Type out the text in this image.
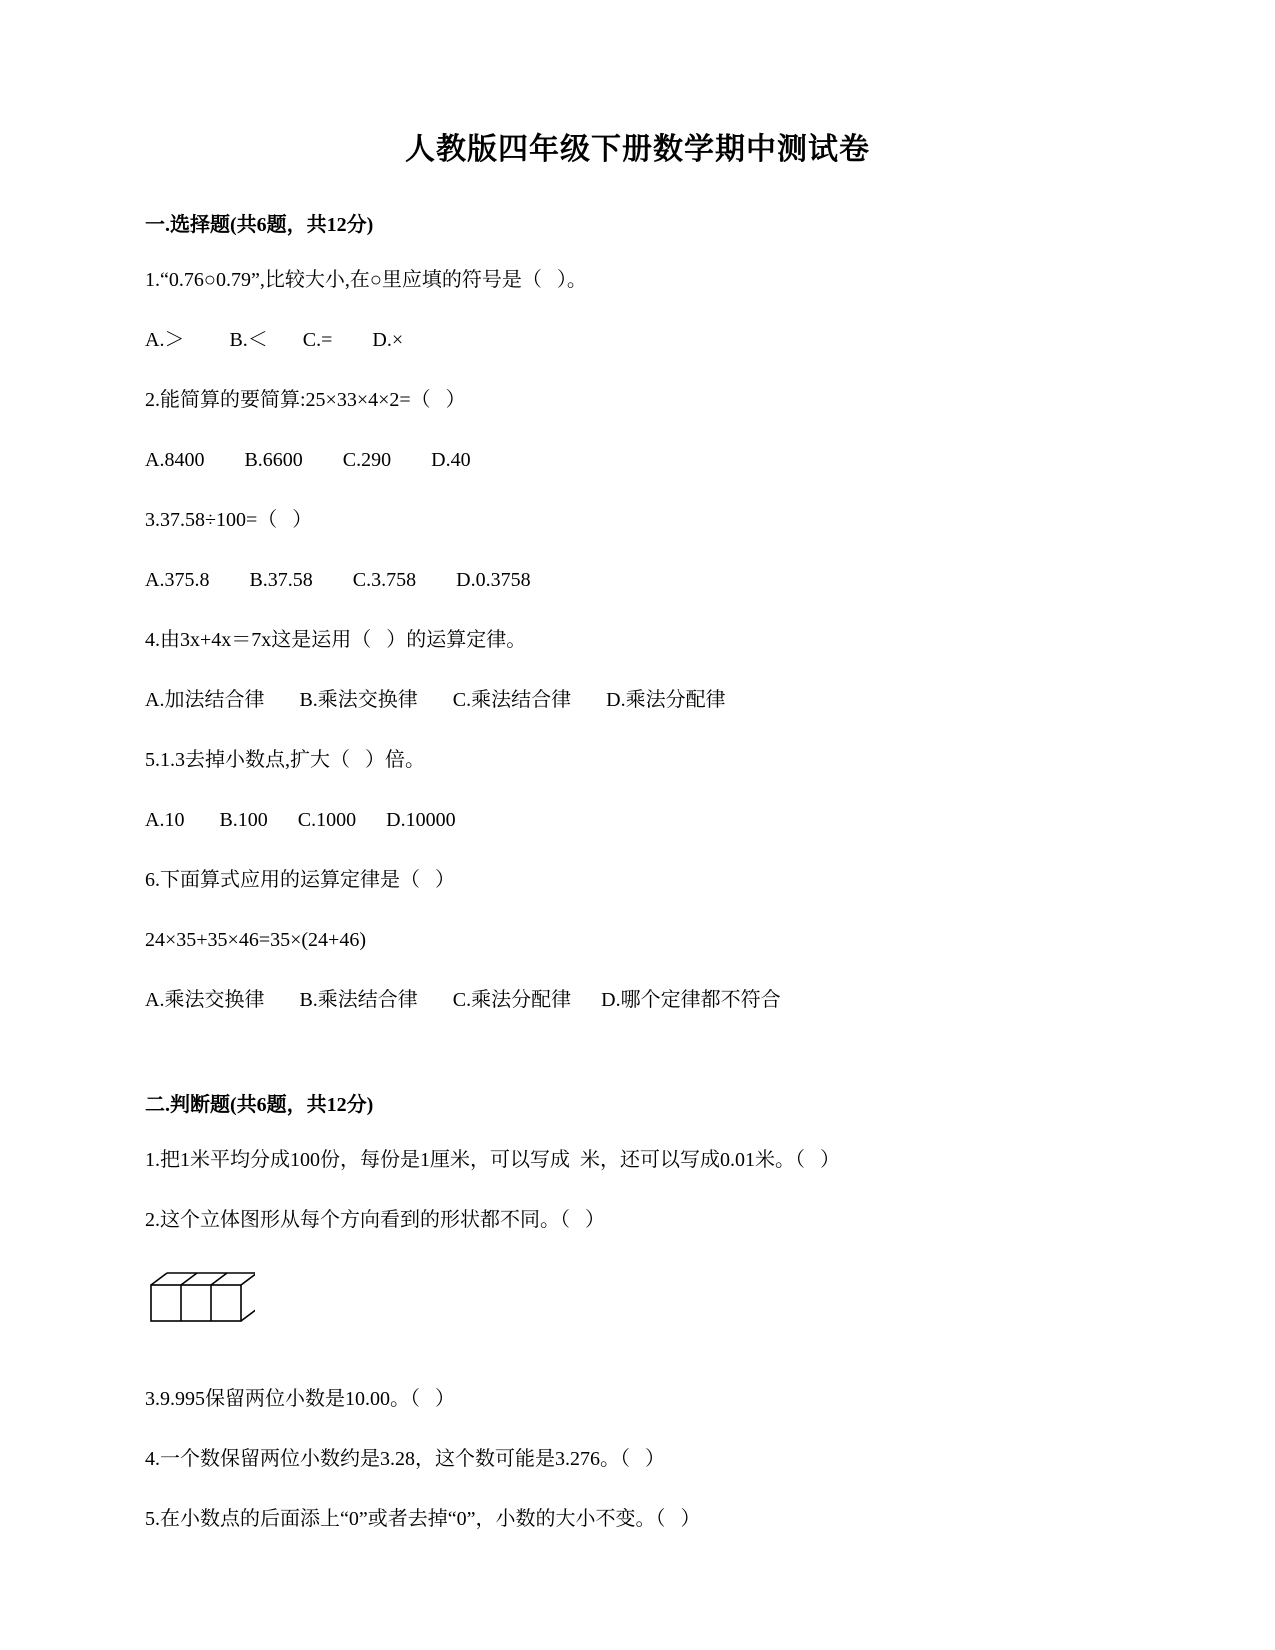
人教版四年级下册数学期中测试卷
一.选择题(共6题，共12分)
1.“0.76○0.79”,比较大小,在○里应填的符号是（   ）。
A.＞         B.＜       C.=        D.×
2.能简算的要简算:25×33×4×2=（   ）
A.8400        B.6600        C.290        D.40
3.37.58÷100=（   ）
A.375.8        B.37.58        C.3.758        D.0.3758
4.由3x+4x＝7x这是运用（   ）的运算定律。
A.加法结合律       B.乘法交换律       C.乘法结合律       D.乘法分配律
5.1.3去掉小数点,扩大（   ）倍。
A.10       B.100      C.1000      D.10000
6.下面算式应用的运算定律是（   ）
24×35+35×46=35×(24+46)
A.乘法交换律       B.乘法结合律       C.乘法分配律      D.哪个定律都不符合
二.判断题(共6题，共12分)
1.把1米平均分成100份，每份是1厘米，可以写成  米，还可以写成0.01米。（   ）
2.这个立体图形从每个方向看到的形状都不同。（   ）
3.9.995保留两位小数是10.00。（   ）
4.一个数保留两位小数约是3.28，这个数可能是3.276。（   ）
5.在小数点的后面添上“0”或者去掉“0”，小数的大小不变。（   ）
